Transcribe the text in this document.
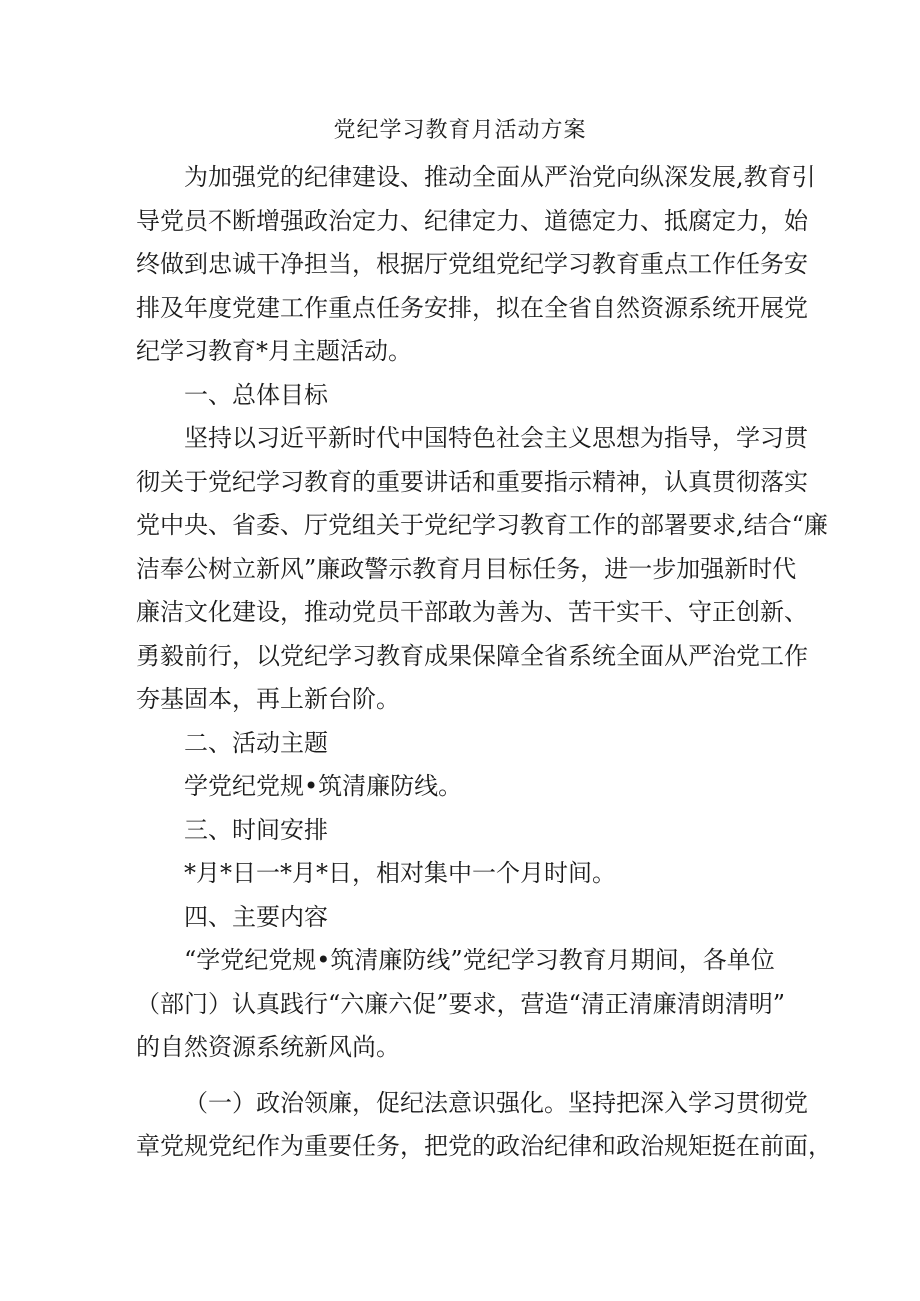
党纪学习教育月活动方案

为加强党的纪律建设、推动全面从严治党向纵深发展,教育引

导党员不断增强政治定力、纪律定力、道德定力、抵腐定力，始
终做到忠诚干净担当，根据厅党组党纪学习教育重点工作任务安
排及年度党建工作重点任务安排，拟在全省自然资源系统开展党
纪学习教育*月主题活动。

一、总体目标

坚持以习近平新时代中国特色社会主义思想为指导，学习贯

彻关于党纪学习教育的重要讲话和重要指示精神，认真贯彻落实
党中央、省委、厅党组关于党纪学习教育工作的部署要求,结合“廉
洁奉公树立新风”廉政警示教育月目标任务，进一步加强新时代
廉洁文化建设，推动党员干部敢为善为、苦干实干、守正创新、
勇毅前行，以党纪学习教育成果保障全省系统全面从严治党工作
夯基固本，再上新台阶。

二、活动主题

学党纪党规•筑清廉防线。

三、时间安排

*月*日一*月*日，相对集中一个月时间。

四、主要内容

“学党纪党规•筑清廉防线”党纪学习教育月期间，各单位

（部门）认真践行“六廉六促”要求，营造“清正清廉清朗清明”
的自然资源系统新风尚。

（一）政治领廉，促纪法意识强化。坚持把深入学习贯彻党

章党规党纪作为重要任务，把党的政治纪律和政治规矩挺在前面，
